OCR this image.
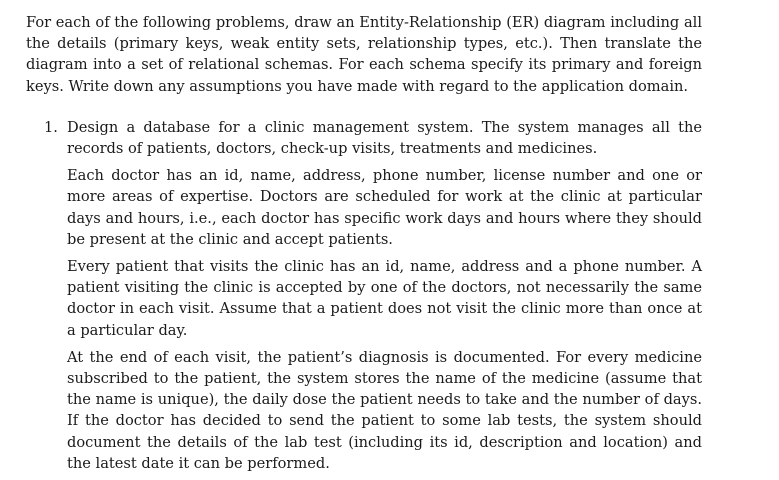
For each of the following problems, draw an Entity-Relationship (ER) diagram including all the details (primary keys, weak entity sets, relationship types, etc.). Then translate the diagram into a set of relational schemas. For each schema specify its primary and foreign keys. Write down any assumptions you have made with regard to the application domain.

1. Design a database for a clinic management system. The system manages all the records of patients, doctors, check-up visits, treatments and medicines.

Each doctor has an id, name, address, phone number, license number and one or more areas of expertise. Doctors are scheduled for work at the clinic at particular days and hours, i.e., each doctor has specific work days and hours where they should be present at the clinic and accept patients.

Every patient that visits the clinic has an id, name, address and a phone number. A patient visiting the clinic is accepted by one of the doctors, not necessarily the same doctor in each visit. Assume that a patient does not visit the clinic more than once at a particular day.

At the end of each visit, the patient’s diagnosis is documented. For every medicine subscribed to the patient, the system stores the name of the medicine (assume that the name is unique), the daily dose the patient needs to take and the number of days. If the doctor has decided to send the patient to some lab tests, the system should document the details of the lab test (including its id, description and location) and the latest date it can be performed.
